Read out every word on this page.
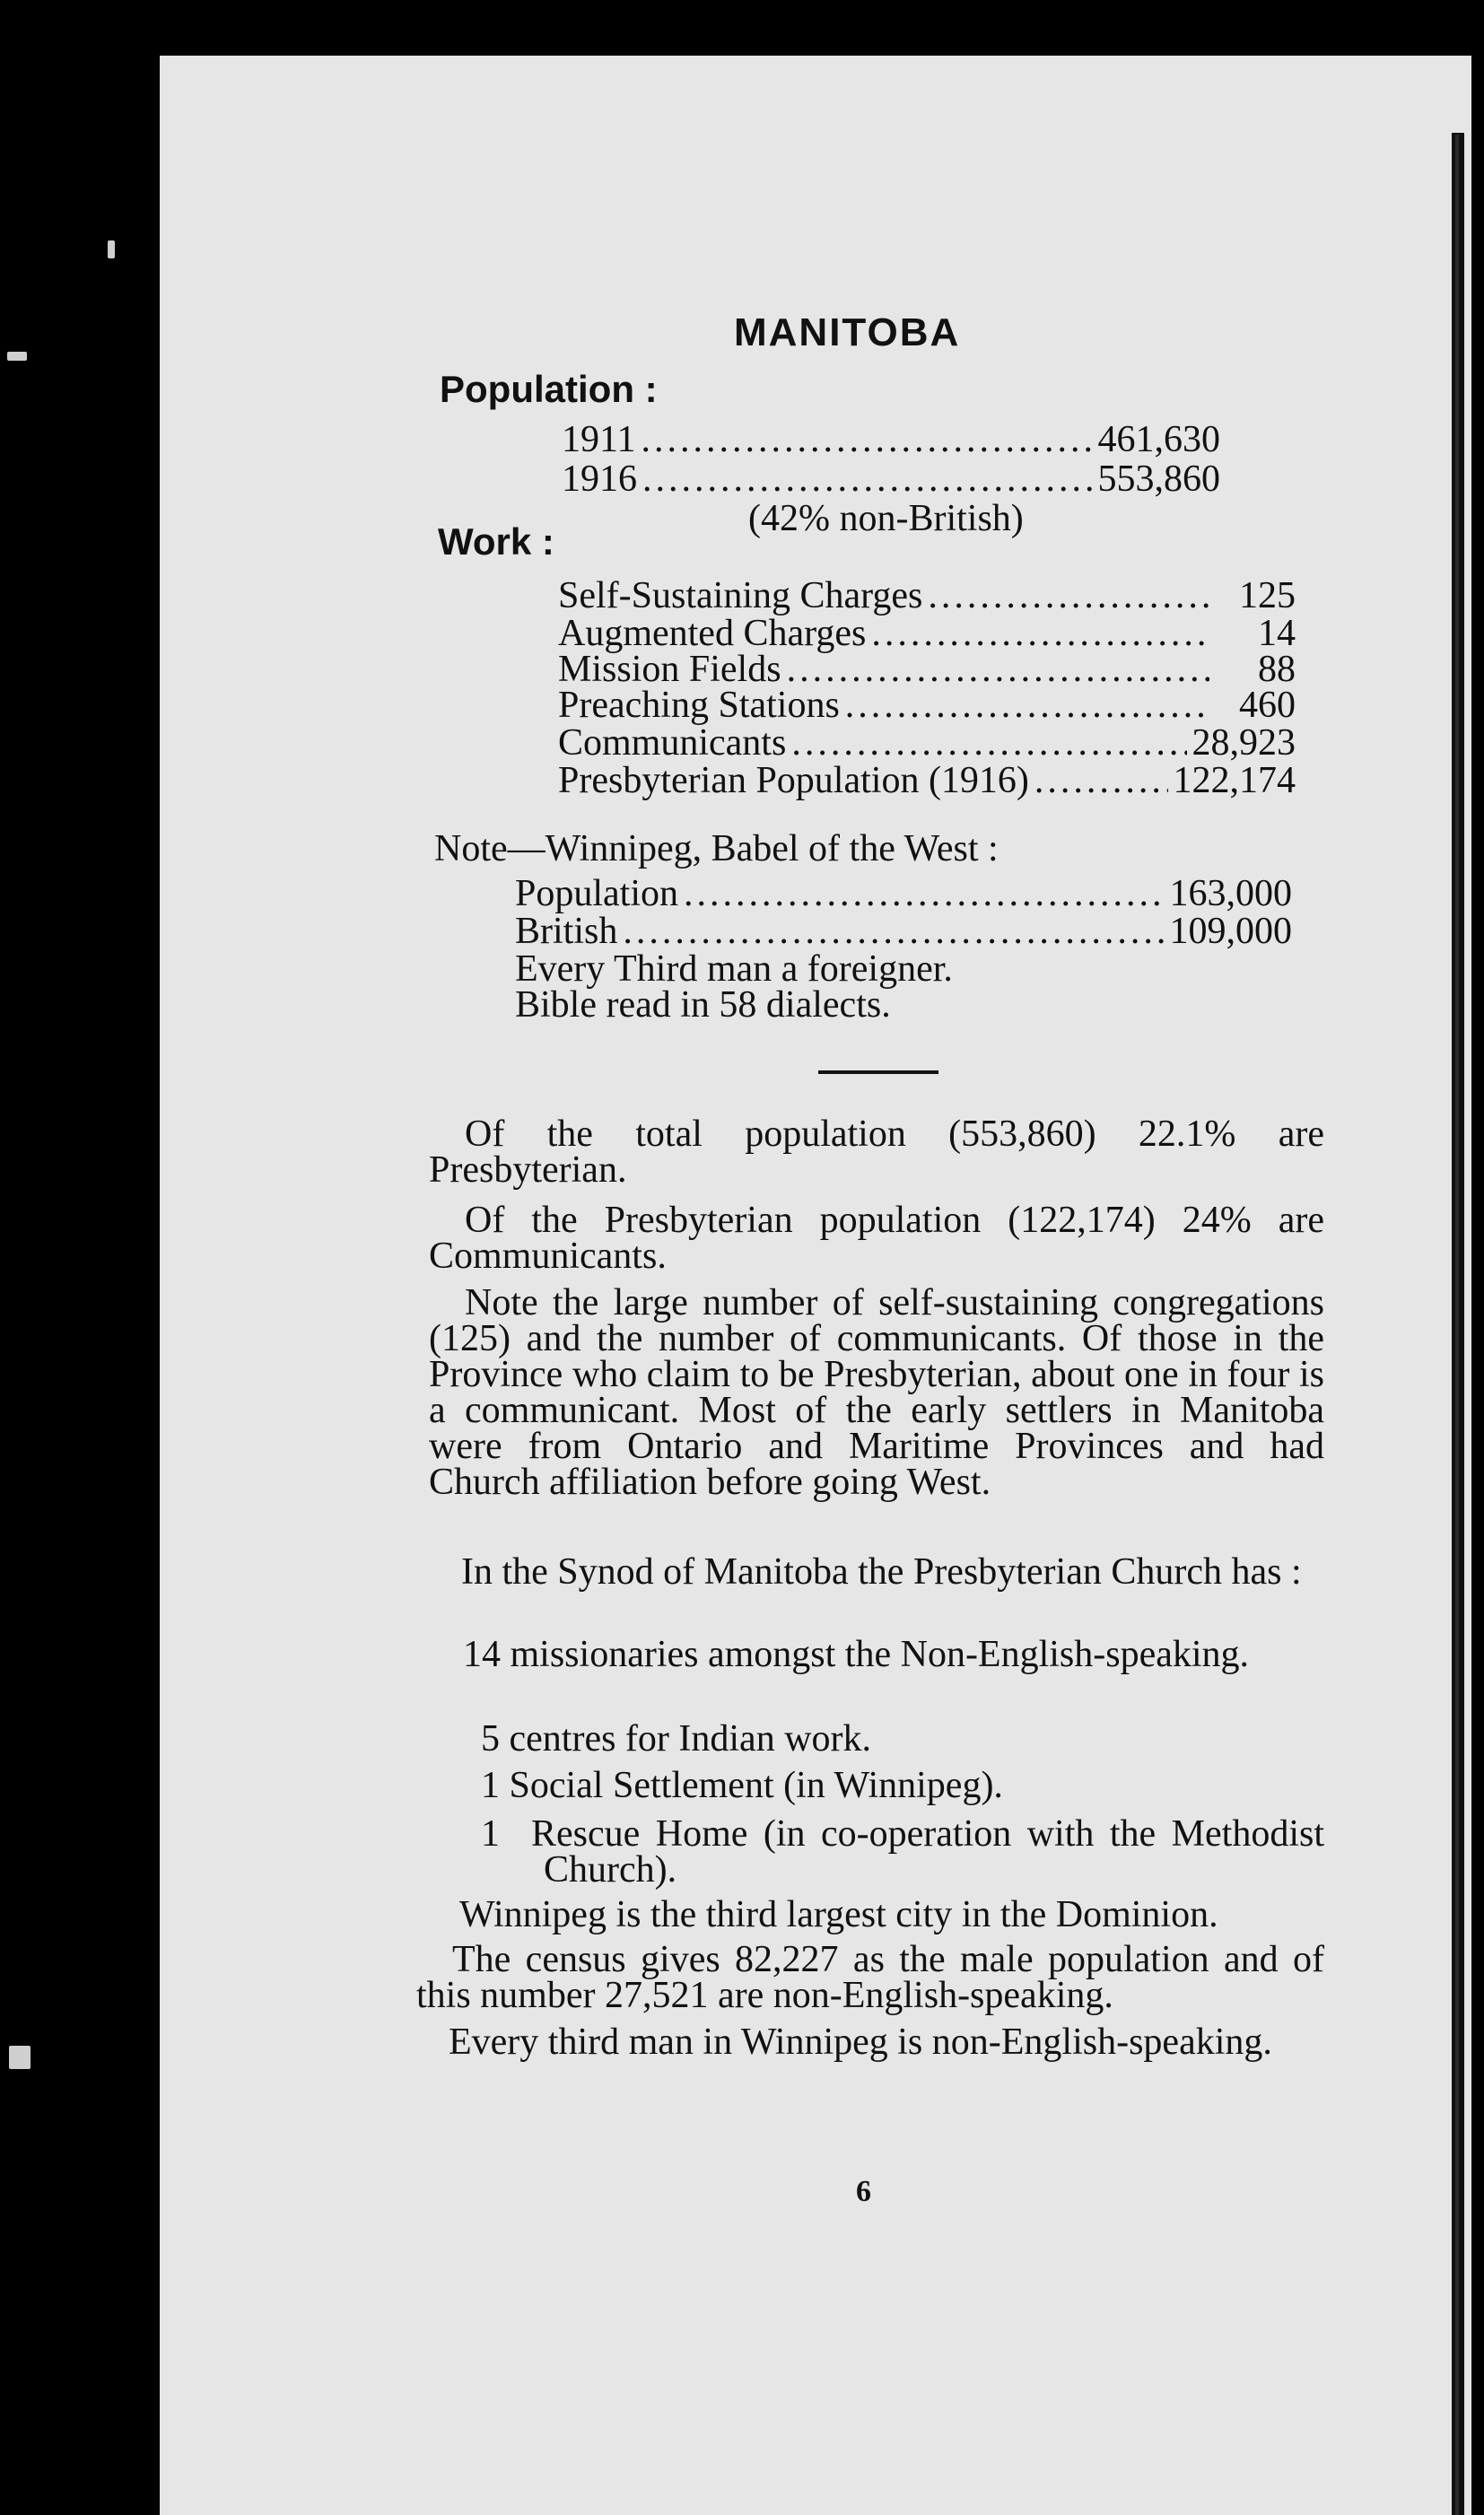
MANITOBA
Population :
1911 .....	461,630
1916 .....	553,860
(42% non-British)
Work :
Self-Sustaining Charges .....	125
Augmented Charges .....	14
Mission Fields .....	88
Preaching Stations .....	460
Communicants .....	28,923
Presbyterian Population (1916) .....	122,174
Note—Winnipeg, Babel of the West :
Population .....	163,000
British .....	109,000
Every Third man a foreigner.
Bible read in 58 dialects.

Of the total population (553,860) 22.1% are Presbyterian.

Of the Presbyterian population (122,174) 24% are Communicants.

Note the large number of self-sustaining congregations (125) and the number of communicants. Of those in the Province who claim to be Presbyterian, about one in four is a communicant. Most of the early settlers in Manitoba were from Ontario and Maritime Provinces and had Church affiliation before going West.

In the Synod of Manitoba the Presbyterian Church has :

14 missionaries amongst the Non-English-speaking.
5 centres for Indian work.
1 Social Settlement (in Winnipeg).
1 Rescue Home (in co-operation with the Methodist Church).

Winnipeg is the third largest city in the Dominion.

The census gives 82,227 as the male population and of this number 27,521 are non-English-speaking.

Every third man in Winnipeg is non-English-speaking.

6
